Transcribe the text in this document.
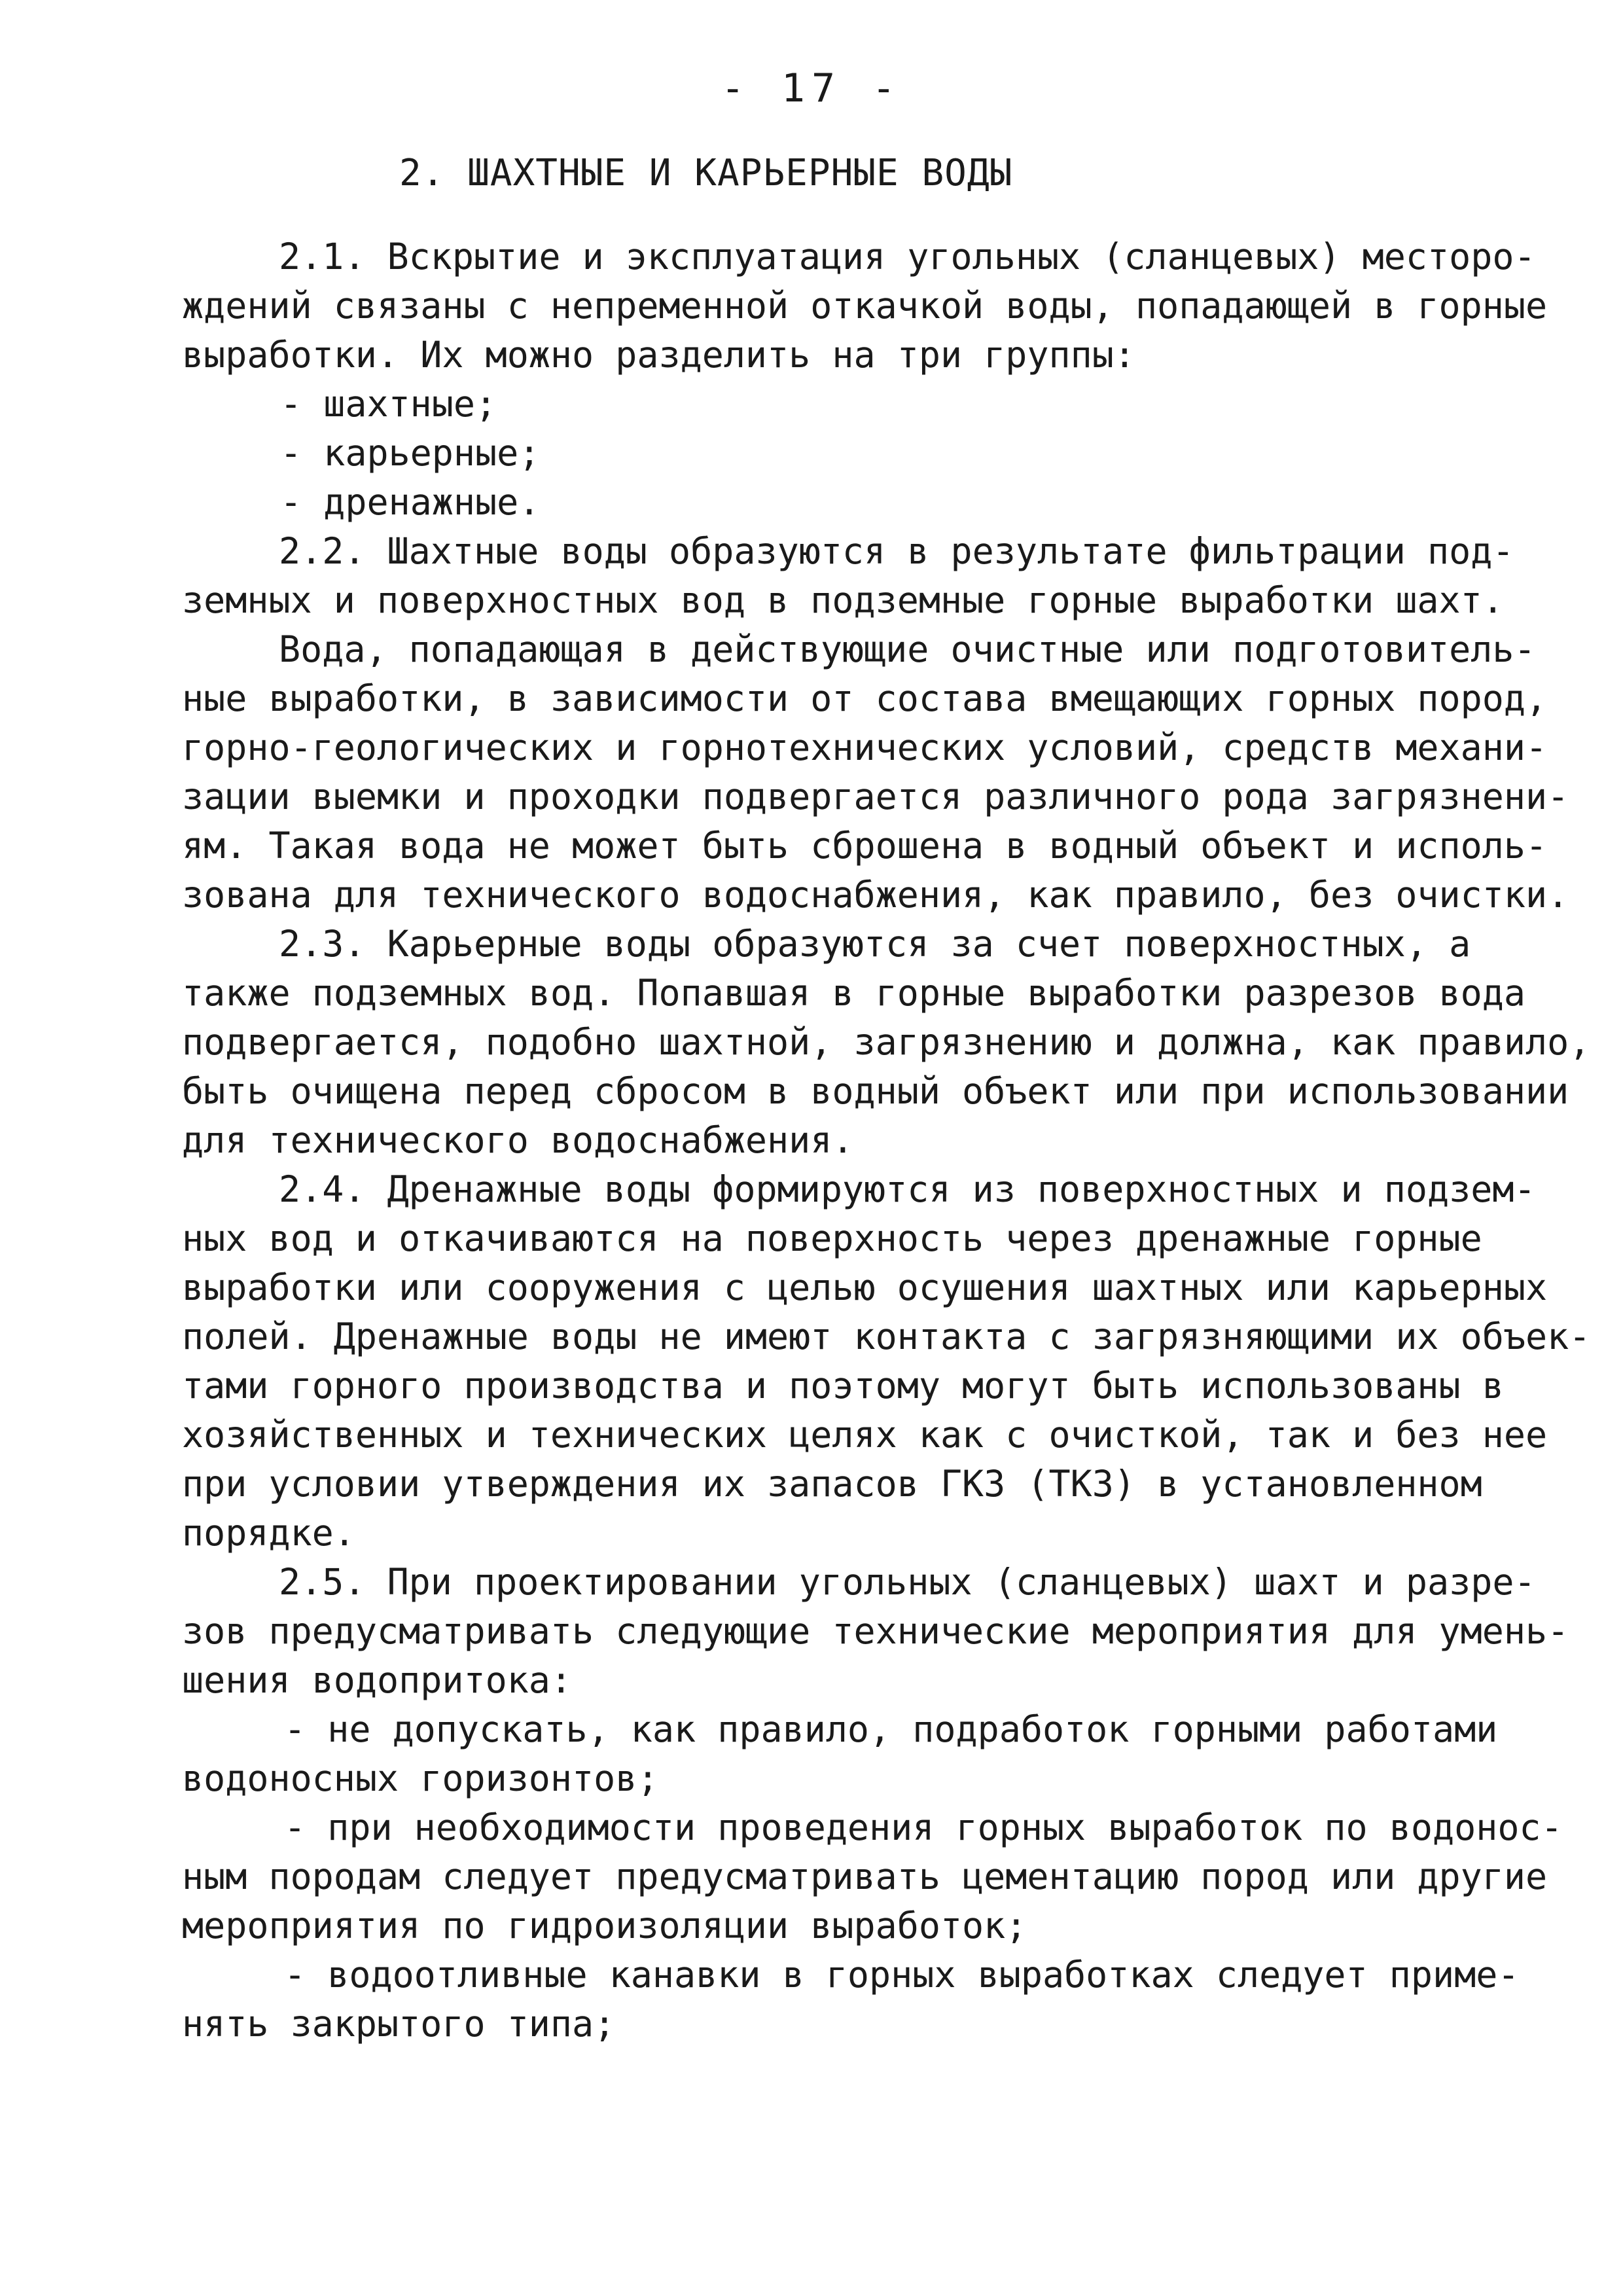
- 17 -
2. ШАХТНЫЕ И КАРЬЕРНЫЕ ВОДЫ
2.1. Вскрытие и эксплуатация угольных (сланцевых) месторо-
ждений связаны с непременной откачкой воды, попадающей в горные
выработки. Их можно разделить на три группы:
- шахтные;
- карьерные;
- дренажные.
2.2. Шахтные воды образуются в результате фильтрации под-
земных и поверхностных вод в подземные горные выработки шахт.
Вода, попадающая в действующие очистные или подготовитель-
ные выработки, в зависимости от состава вмещающих горных пород,
горно-геологических и горнотехнических условий, средств механи-
зации выемки и проходки подвергается различного рода загрязнени-
ям. Такая вода не может быть сброшена в водный объект и исполь-
зована для технического водоснабжения, как правило, без очистки.
2.3. Карьерные воды образуются за счет поверхностных, а
также подземных вод. Попавшая в горные выработки разрезов вода
подвергается, подобно шахтной, загрязнению и должна, как правило,
быть очищена перед сбросом в водный объект или при использовании
для технического водоснабжения.
2.4. Дренажные воды формируются из поверхностных и подзем-
ных вод и откачиваются на поверхность через дренажные горные
выработки или сооружения с целью осушения шахтных или карьерных
полей. Дренажные воды не имеют контакта с загрязняющими их объек-
тами горного производства и поэтому могут быть использованы в
хозяйственных и технических целях как с очисткой, так и без нее
при условии утверждения их запасов ГКЗ (ТКЗ) в установленном
порядке.
2.5. При проектировании угольных (сланцевых) шахт и разре-
зов предусматривать следующие технические мероприятия для умень-
шения водопритока:
- не допускать, как правило, подработок горными работами
водоносных горизонтов;
- при необходимости проведения горных выработок по водонос-
ным породам следует предусматривать цементацию пород или другие
мероприятия по гидроизоляции выработок;
- водоотливные канавки в горных выработках следует приме-
нять закрытого типа;
